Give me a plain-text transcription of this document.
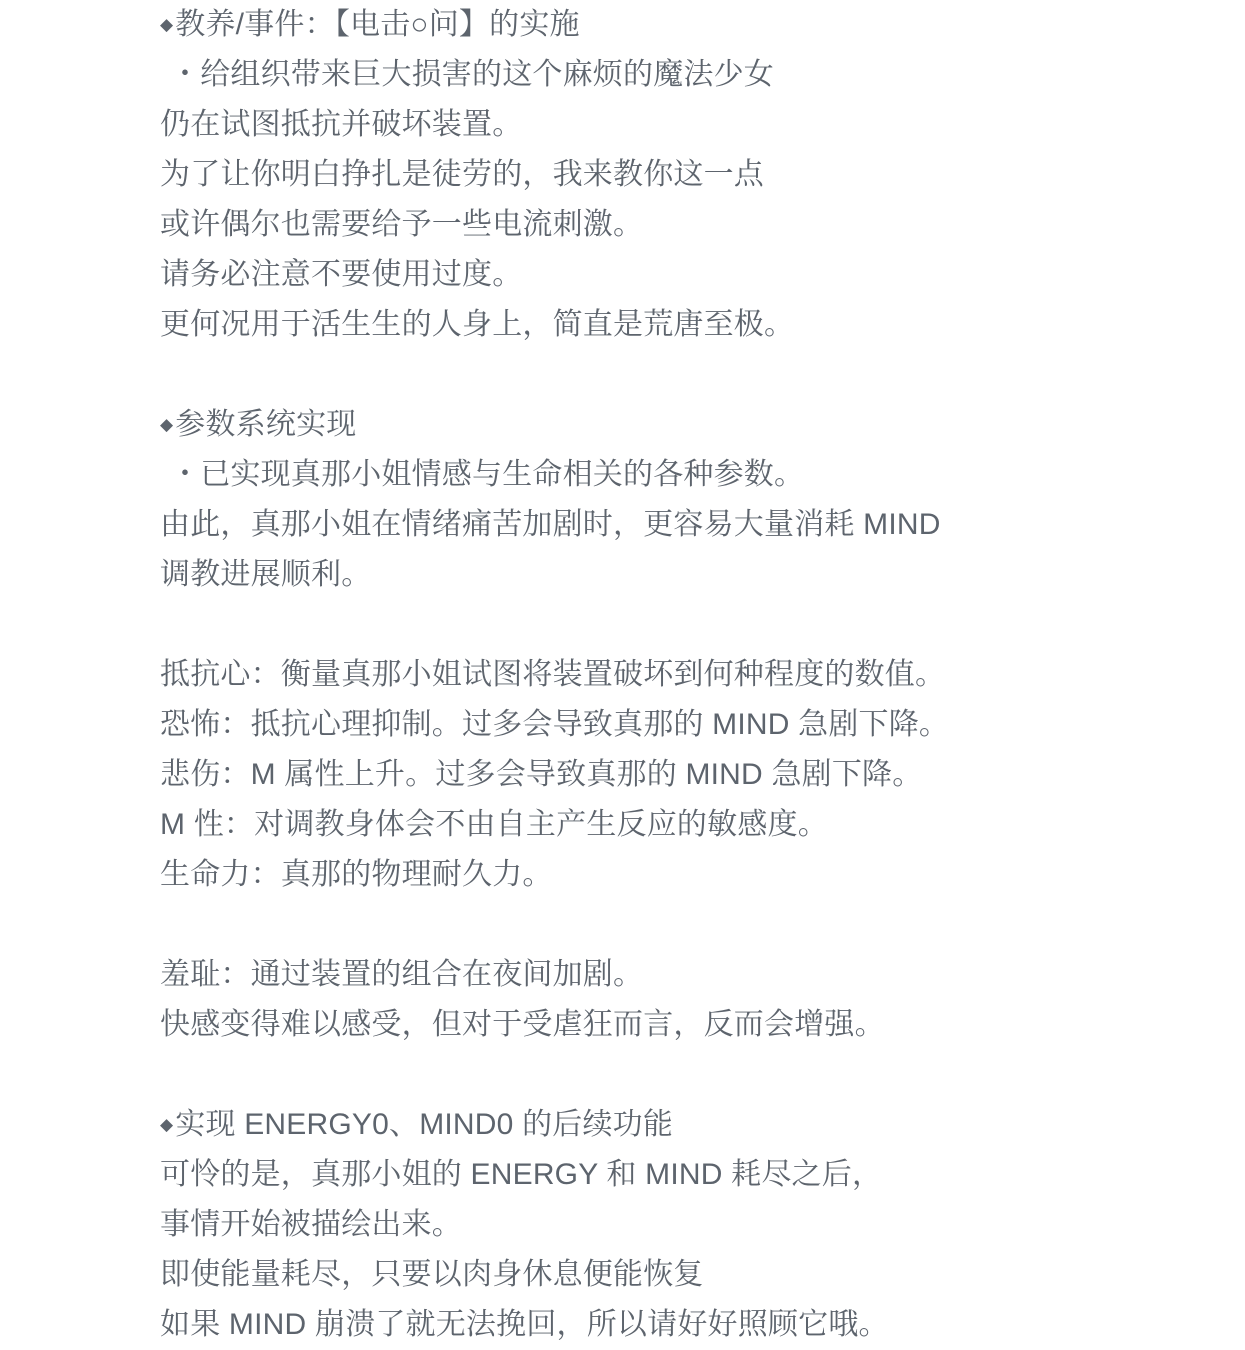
◆ 教养/事件：【电击○问】的实施
・给组织带来巨大损害的这个麻烦的魔法少女
仍在试图抵抗并破坏装置。
为了让你明白挣扎是徒劳的，我来教你这一点
或许偶尔也需要给予一些电流刺激。
请务必注意不要使用过度。
更何况用于活生生的人身上，简直是荒唐至极。
◆ 参数系统实现
・已实现真那小姐情感与生命相关的各种参数。
由此，真那小姐在情绪痛苦加剧时，更容易大量消耗 MIND
调教进展顺利。
抵抗心：衡量真那小姐试图将装置破坏到何种程度的数值。
恐怖：抵抗心理抑制。过多会导致真那的 MIND 急剧下降。
悲伤：M 属性上升。过多会导致真那的 MIND 急剧下降。
M 性：对调教身体会不由自主产生反应的敏感度。
生命力：真那的物理耐久力。
羞耻：通过装置的组合在夜间加剧。
快感变得难以感受，但对于受虐狂而言，反而会增强。
◆ 实现 ENERGY0、MIND0 的后续功能
可怜的是，真那小姐的 ENERGY 和 MIND 耗尽之后，
事情开始被描绘出来。
即使能量耗尽，只要以肉身休息便能恢复
如果 MIND 崩溃了就无法挽回，所以请好好照顾它哦。
